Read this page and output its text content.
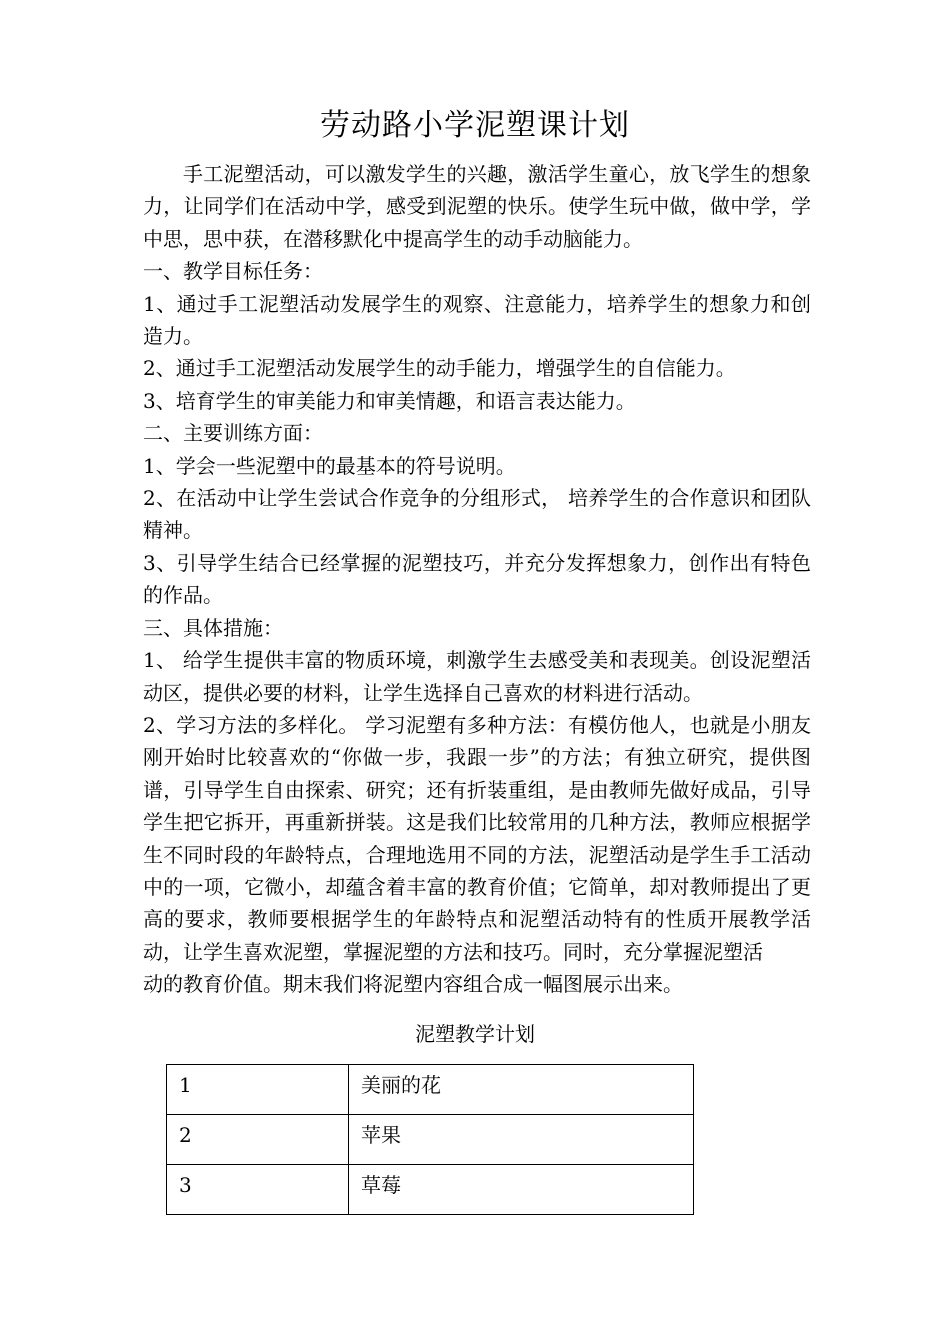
劳动路小学泥塑课计划

手工泥塑活动，可以激发学生的兴趣，激活学生童心，放飞学生的想象力，让同学们在活动中学，感受到泥塑的快乐。使学生玩中做，做中学，学中思，思中获，在潜移默化中提高学生的动手动脑能力。

一、教学目标任务：

1、通过手工泥塑活动发展学生的观察、注意能力，培养学生的想象力和创造力。

2、通过手工泥塑活动发展学生的动手能力，增强学生的自信能力。

3、培育学生的审美能力和审美情趣，和语言表达能力。

二、主要训练方面：

1、学会一些泥塑中的最基本的符号说明。

2、在活动中让学生尝试合作竞争的分组形式， 培养学生的合作意识和团队精神。

3、引导学生结合已经掌握的泥塑技巧，并充分发挥想象力，创作出有特色的作品。

三、具体措施：

1、 给学生提供丰富的物质环境，刺激学生去感受美和表现美。创设泥塑活动区，提供必要的材料，让学生选择自己喜欢的材料进行活动。

2、学习方法的多样化。 学习泥塑有多种方法：有模仿他人，也就是小朋友刚开始时比较喜欢的“你做一步，我跟一步”的方法；有独立研究，提供图谱，引导学生自由探索、研究；还有折装重组，是由教师先做好成品，引导学生把它拆开，再重新拼装。这是我们比较常用的几种方法，教师应根据学生不同时段的年龄特点，合理地选用不同的方法，泥塑活动是学生手工活动中的一项，它微小，却蕴含着丰富的教育价值；它简单，却对教师提出了更高的要求，教师要根据学生的年龄特点和泥塑活动特有的性质开展教学活动，让学生喜欢泥塑，掌握泥塑的方法和技巧。同时，充分掌握泥塑活

动的教育价值。期末我们将泥塑内容组合成一幅图展示出来。

泥塑教学计划
1	美丽的花
2	苹果
3	草莓
